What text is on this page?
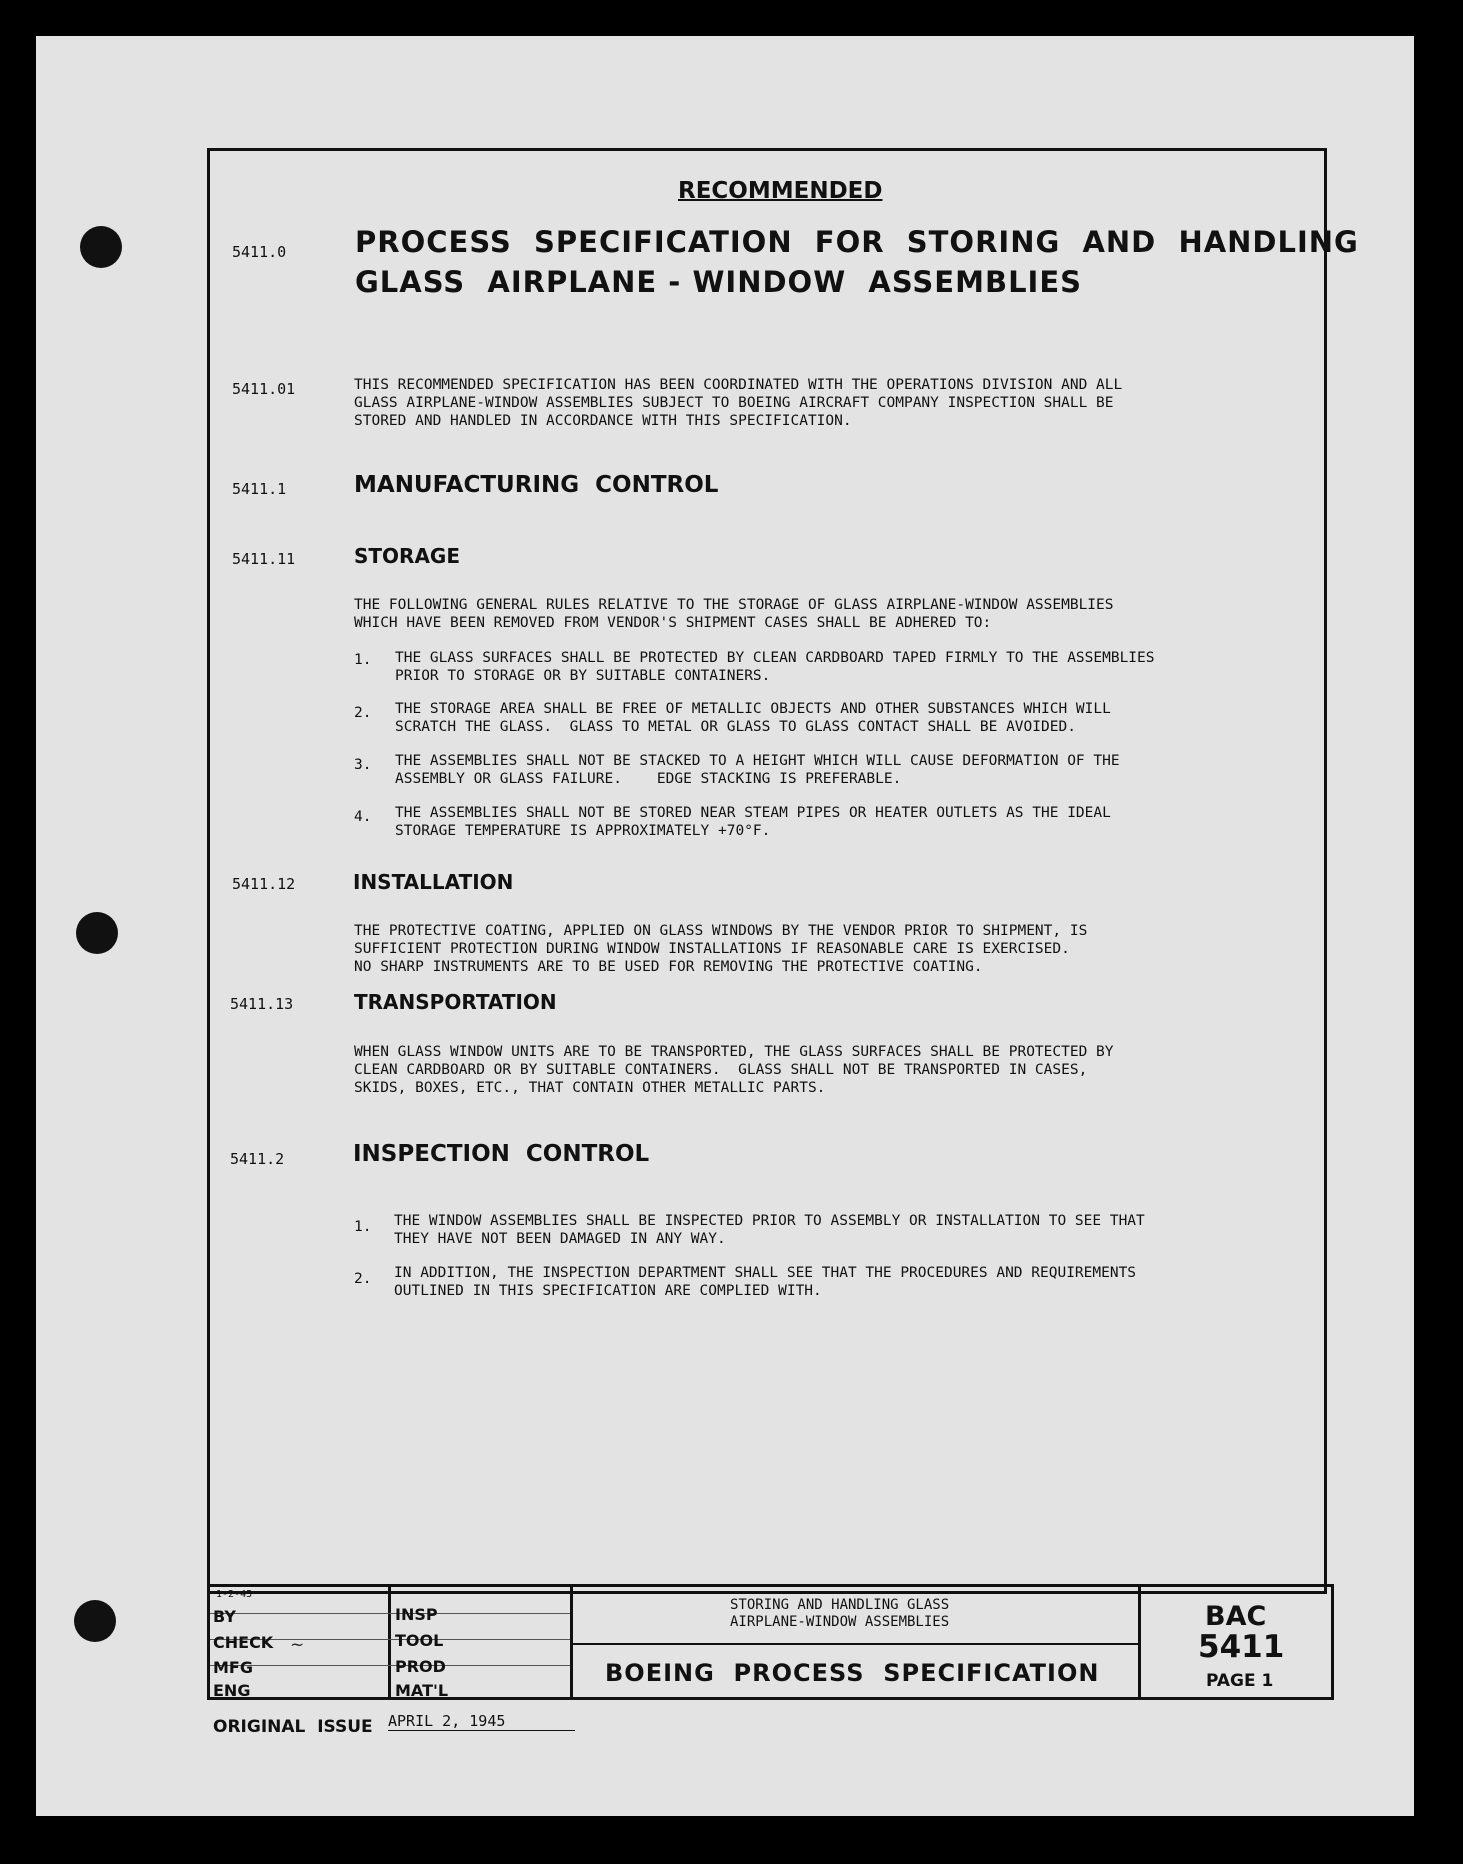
RECOMMENDED
5411.0 PROCESS  SPECIFICATION  FOR  STORING  AND  HANDLING
GLASS  AIRPLANE - WINDOW  ASSEMBLIES
5411.01	THIS RECOMMENDED SPECIFICATION HAS BEEN COORDINATED WITH THE OPERATIONS DIVISION AND ALL
GLASS AIRPLANE-WINDOW ASSEMBLIES SUBJECT TO BOEING AIRCRAFT COMPANY INSPECTION SHALL BE
STORED AND HANDLED IN ACCORDANCE WITH THIS SPECIFICATION.
5411.1	MANUFACTURING  CONTROL
5411.11	STORAGE
THE FOLLOWING GENERAL RULES RELATIVE TO THE STORAGE OF GLASS AIRPLANE-WINDOW ASSEMBLIES
WHICH HAVE BEEN REMOVED FROM VENDOR'S SHIPMENT CASES SHALL BE ADHERED TO:
1. THE GLASS SURFACES SHALL BE PROTECTED BY CLEAN CARDBOARD TAPED FIRMLY TO THE ASSEMBLIES
PRIOR TO STORAGE OR BY SUITABLE CONTAINERS.
2. THE STORAGE AREA SHALL BE FREE OF METALLIC OBJECTS AND OTHER SUBSTANCES WHICH WILL
SCRATCH THE GLASS.  GLASS TO METAL OR GLASS TO GLASS CONTACT SHALL BE AVOIDED.
3. THE ASSEMBLIES SHALL NOT BE STACKED TO A HEIGHT WHICH WILL CAUSE DEFORMATION OF THE
ASSEMBLY OR GLASS FAILURE.    EDGE STACKING IS PREFERABLE.
4. THE ASSEMBLIES SHALL NOT BE STORED NEAR STEAM PIPES OR HEATER OUTLETS AS THE IDEAL
STORAGE TEMPERATURE IS APPROXIMATELY +70°F.
5411.12	INSTALLATION
THE PROTECTIVE COATING, APPLIED ON GLASS WINDOWS BY THE VENDOR PRIOR TO SHIPMENT, IS
SUFFICIENT PROTECTION DURING WINDOW INSTALLATIONS IF REASONABLE CARE IS EXERCISED.
NO SHARP INSTRUMENTS ARE TO BE USED FOR REMOVING THE PROTECTIVE COATING.
5411.13	TRANSPORTATION
WHEN GLASS WINDOW UNITS ARE TO BE TRANSPORTED, THE GLASS SURFACES SHALL BE PROTECTED BY
CLEAN CARDBOARD OR BY SUITABLE CONTAINERS.  GLASS SHALL NOT BE TRANSPORTED IN CASES,
SKIDS, BOXES, ETC., THAT CONTAIN OTHER METALLIC PARTS.
5411.2	INSPECTION  CONTROL
1. THE WINDOW ASSEMBLIES SHALL BE INSPECTED PRIOR TO ASSEMBLY OR INSTALLATION TO SEE THAT
THEY HAVE NOT BEEN DAMAGED IN ANY WAY.
2. IN ADDITION, THE INSPECTION DEPARTMENT SHALL SEE THAT THE PROCEDURES AND REQUIREMENTS
OUTLINED IN THIS SPECIFICATION ARE COMPLIED WITH.
1-2-45
BY
CHECK
MFG
ENG
~
INSP
TOOL
PROD
MAT'L
STORING AND HANDLING GLASS
AIRPLANE-WINDOW ASSEMBLIES
BOEING  PROCESS  SPECIFICATION
BAC
5411
PAGE 1
ORIGINAL  ISSUE APRIL 2, 1945
